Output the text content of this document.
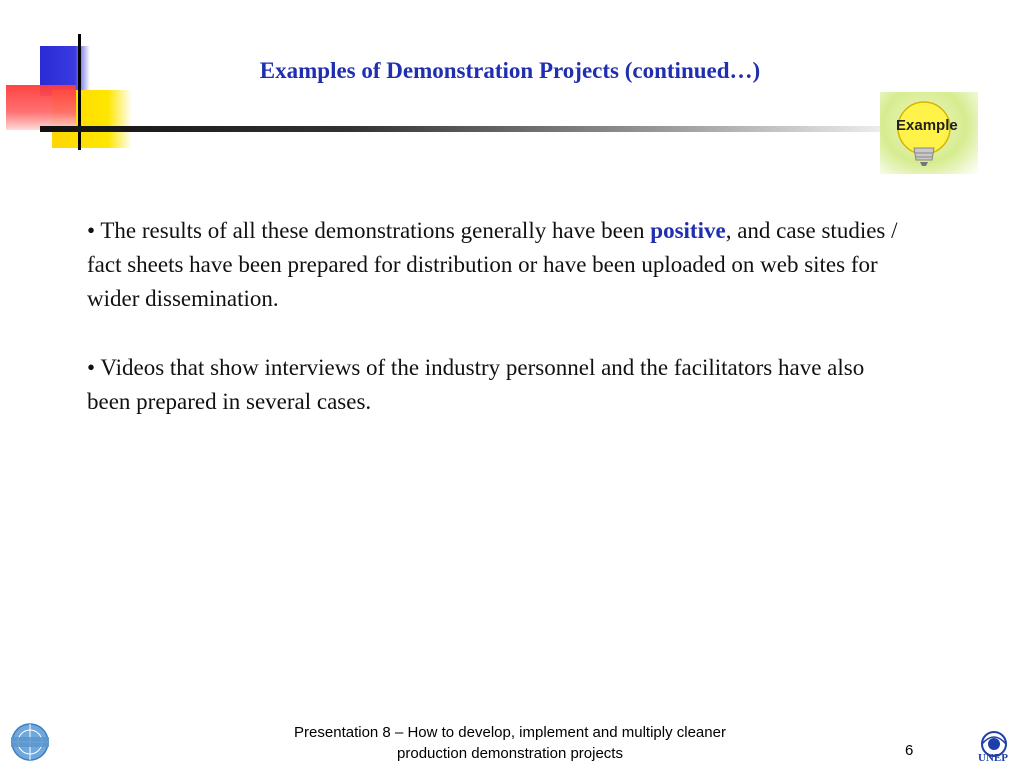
Examples of Demonstration Projects (continued…)
Example
• The results of all these demonstrations generally have been positive, and case studies / fact sheets have been prepared for distribution or have been uploaded on web sites for wider dissemination.
• Videos that show interviews of the industry personnel and the facilitators have also been prepared in several cases.
Presentation 8 – How to develop, implement and multiply cleaner
production demonstration projects	6	UNEP
